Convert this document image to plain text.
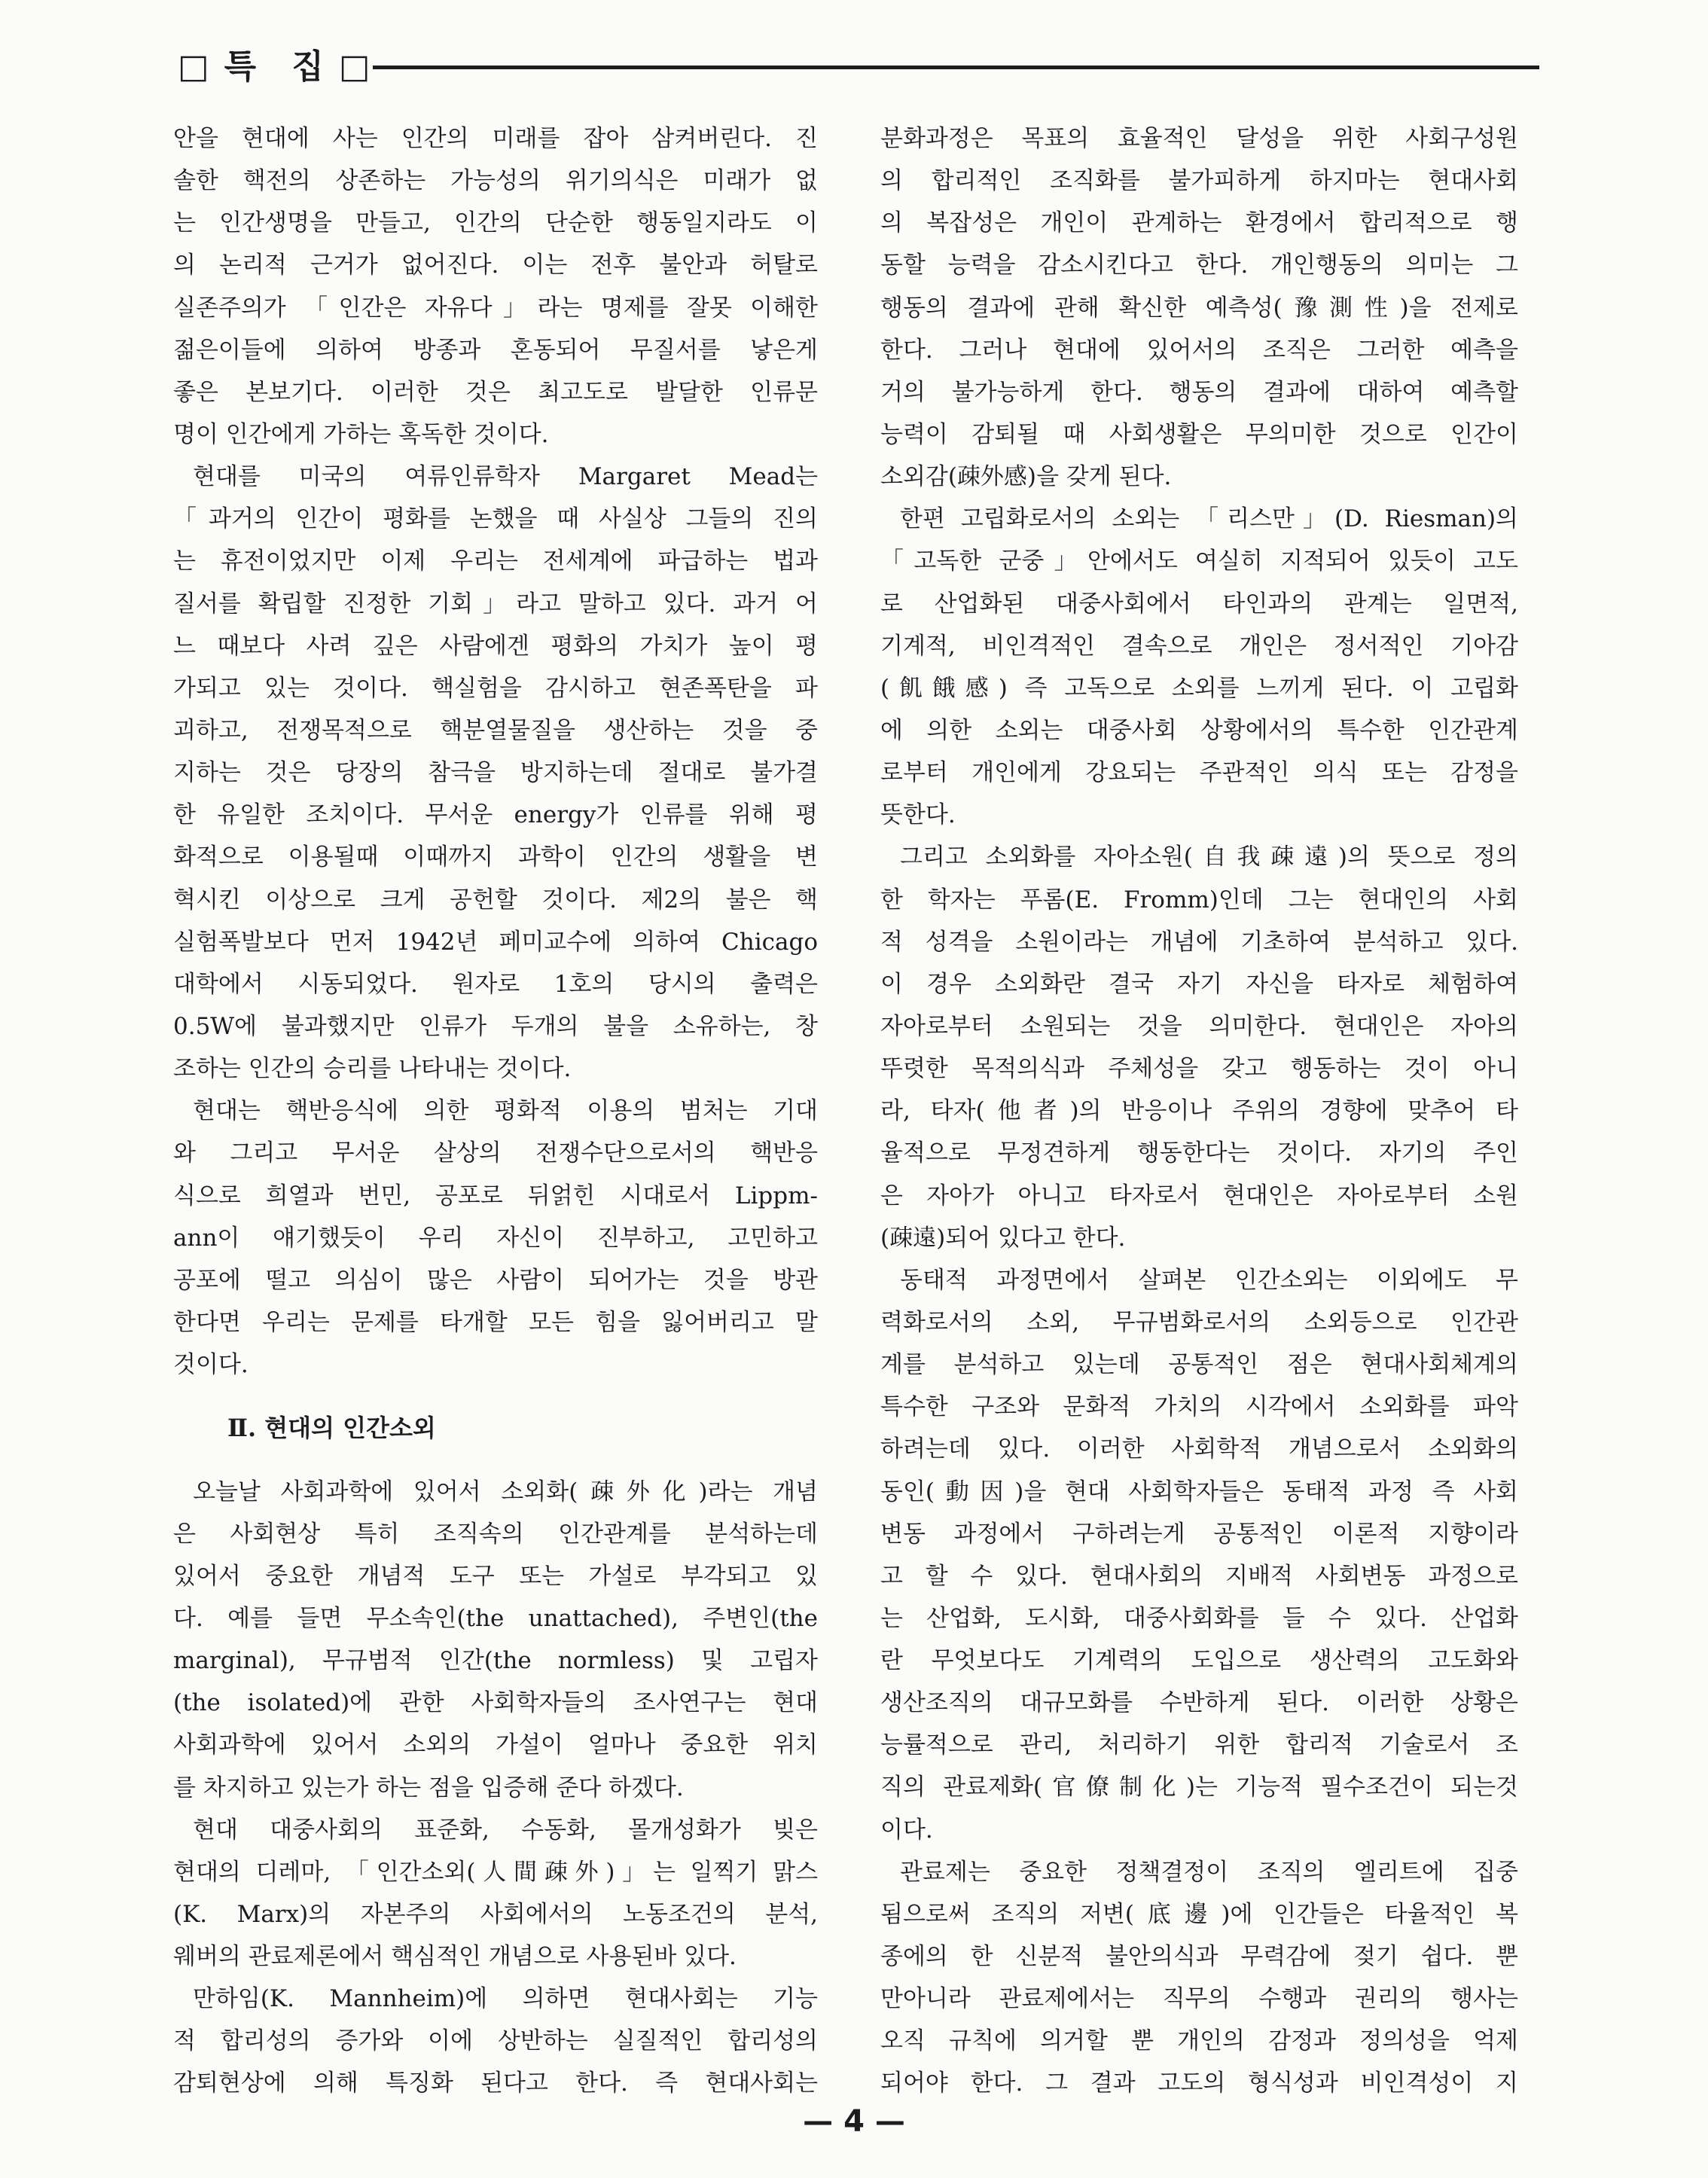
□ 특 집 □
안을 현대에 사는 인간의 미래를 잡아 삼켜버린다. 진
솔한 핵전의 상존하는 가능성의 위기의식은 미래가 없
는 인간생명을 만들고, 인간의 단순한 행동일지라도 이
의 논리적 근거가 없어진다. 이는 전후 불안과 허탈로
실존주의가 「인간은 자유다」라는 명제를 잘못 이해한
젊은이들에 의하여 방종과 혼동되어 무질서를 낳은게
좋은 본보기다. 이러한 것은 최고도로 발달한 인류문
명이 인간에게 가하는 혹독한 것이다.
현대를 미국의 여류인류학자 Margaret Mead는
「과거의 인간이 평화를 논했을 때 사실상 그들의 진의
는 휴전이었지만 이제 우리는 전세계에 파급하는 법과
질서를 확립할 진정한 기회」라고 말하고 있다. 과거 어
느 때보다 사려 깊은 사람에겐 평화의 가치가 높이 평
가되고 있는 것이다. 핵실험을 감시하고 현존폭탄을 파
괴하고, 전쟁목적으로 핵분열물질을 생산하는 것을 중
지하는 것은 당장의 참극을 방지하는데 절대로 불가결
한 유일한 조치이다. 무서운 energy가 인류를 위해 평
화적으로 이용될때 이때까지 과학이 인간의 생활을 변
혁시킨 이상으로 크게 공헌할 것이다. 제2의 불은 핵
실험폭발보다 먼저 1942년 페미교수에 의하여 Chicago
대학에서 시동되었다. 원자로 1호의 당시의 출력은
0.5W에 불과했지만 인류가 두개의 불을 소유하는, 창
조하는 인간의 승리를 나타내는 것이다.
현대는 핵반응식에 의한 평화적 이용의 범처는 기대
와 그리고 무서운 살상의 전쟁수단으로서의 핵반응
식으로 희열과 번민, 공포로 뒤얽힌 시대로서 Lippm-
ann이 얘기했듯이 우리 자신이 진부하고, 고민하고
공포에 떨고 의심이 많은 사람이 되어가는 것을 방관
한다면 우리는 문제를 타개할 모든 힘을 잃어버리고 말
것이다.
Ⅱ. 현대의 인간소외
오늘날 사회과학에 있어서 소외화(疎外化)라는 개념
은 사회현상 특히 조직속의 인간관계를 분석하는데
있어서 중요한 개념적 도구 또는 가설로 부각되고 있
다. 예를 들면 무소속인(the unattached), 주변인(the
marginal), 무규범적 인간(the normless) 및 고립자
(the isolated)에 관한 사회학자들의 조사연구는 현대
사회과학에 있어서 소외의 가설이 얼마나 중요한 위치
를 차지하고 있는가 하는 점을 입증해 준다 하겠다.
현대 대중사회의 표준화, 수동화, 몰개성화가 빚은
현대의 디레마, 「인간소외(人間疎外)」는 일찍기 맑스
(K. Marx)의 자본주의 사회에서의 노동조건의 분석,
웨버의 관료제론에서 핵심적인 개념으로 사용된바 있다.
만하임(K. Mannheim)에 의하면 현대사회는 기능
적 합리성의 증가와 이에 상반하는 실질적인 합리성의
감퇴현상에 의해 특징화 된다고 한다. 즉 현대사회는
분화과정은 목표의 효율적인 달성을 위한 사회구성원
의 합리적인 조직화를 불가피하게 하지마는 현대사회
의 복잡성은 개인이 관계하는 환경에서 합리적으로 행
동할 능력을 감소시킨다고 한다. 개인행동의 의미는 그
행동의 결과에 관해 확신한 예측성(豫測性)을 전제로
한다. 그러나 현대에 있어서의 조직은 그러한 예측을
거의 불가능하게 한다. 행동의 결과에 대하여 예측할
능력이 감퇴될 때 사회생활은 무의미한 것으로 인간이
소외감(疎外感)을 갖게 된다.
한편 고립화로서의 소외는 「리스만」(D. Riesman)의
「고독한 군중」안에서도 여실히 지적되어 있듯이 고도
로 산업화된 대중사회에서 타인과의 관계는 일면적,
기계적, 비인격적인 결속으로 개인은 정서적인 기아감
(飢餓感) 즉 고독으로 소외를 느끼게 된다. 이 고립화
에 의한 소외는 대중사회 상황에서의 특수한 인간관계
로부터 개인에게 강요되는 주관적인 의식 또는 감정을
뜻한다.
그리고 소외화를 자아소원(自我疎遠)의 뜻으로 정의
한 학자는 푸롬(E. Fromm)인데 그는 현대인의 사회
적 성격을 소원이라는 개념에 기초하여 분석하고 있다.
이 경우 소외화란 결국 자기 자신을 타자로 체험하여
자아로부터 소원되는 것을 의미한다. 현대인은 자아의
뚜렷한 목적의식과 주체성을 갖고 행동하는 것이 아니
라, 타자(他者)의 반응이나 주위의 경향에 맞추어 타
율적으로 무정견하게 행동한다는 것이다. 자기의 주인
은 자아가 아니고 타자로서 현대인은 자아로부터 소원
(疎遠)되어 있다고 한다.
동태적 과정면에서 살펴본 인간소외는 이외에도 무
력화로서의 소외, 무규범화로서의 소외등으로 인간관
계를 분석하고 있는데 공통적인 점은 현대사회체계의
특수한 구조와 문화적 가치의 시각에서 소외화를 파악
하려는데 있다. 이러한 사회학적 개념으로서 소외화의
동인(動因)을 현대 사회학자들은 동태적 과정 즉 사회
변동 과정에서 구하려는게 공통적인 이론적 지향이라
고 할 수 있다. 현대사회의 지배적 사회변동 과정으로
는 산업화, 도시화, 대중사회화를 들 수 있다. 산업화
란 무엇보다도 기계력의 도입으로 생산력의 고도화와
생산조직의 대규모화를 수반하게 된다. 이러한 상황은
능률적으로 관리, 처리하기 위한 합리적 기술로서 조
직의 관료제화(官僚制化)는 기능적 필수조건이 되는것
이다.
관료제는 중요한 정책결정이 조직의 엘리트에 집중
됨으로써 조직의 저변(底邊)에 인간들은 타율적인 복
종에의 한 신분적 불안의식과 무력감에 젖기 쉽다. 뿐
만아니라 관료제에서는 직무의 수행과 권리의 행사는
오직 규칙에 의거할 뿐 개인의 감정과 정의성을 억제
되어야 한다. 그 결과 고도의 형식성과 비인격성이 지
— 4 —
